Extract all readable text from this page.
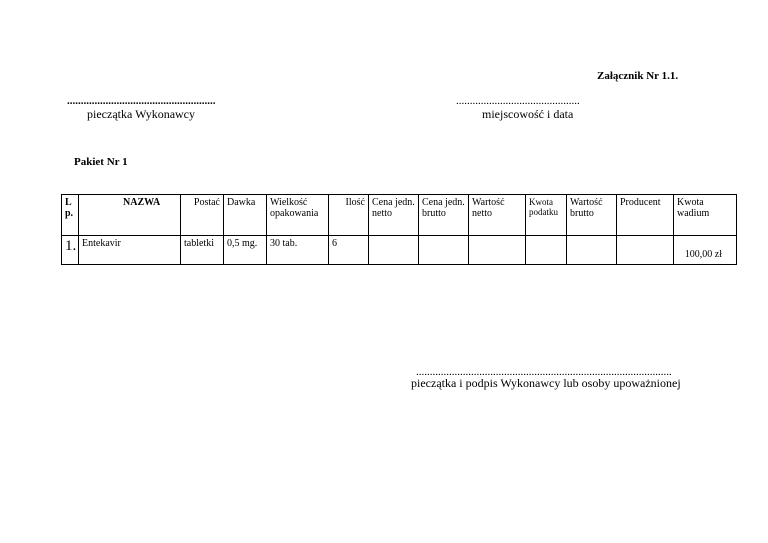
Załącznik Nr 1.1.
......................................................	.............................................
pieczątka Wykonawcy	miejscowość i data
Pakiet Nr 1
L p.	NAZWA	Postać	Dawka	Wielkość opakowania	Ilość	Cena jedn. netto	Cena jedn. brutto	Wartość netto	Kwota podatku	Wartość brutto	Producent	Kwota wadium
1.	Entekavir	tabletki	0,5 mg.	30 tab.	6							100,00 zł
.............................................................................................
pieczątka i podpis Wykonawcy lub osoby upoważnionej
